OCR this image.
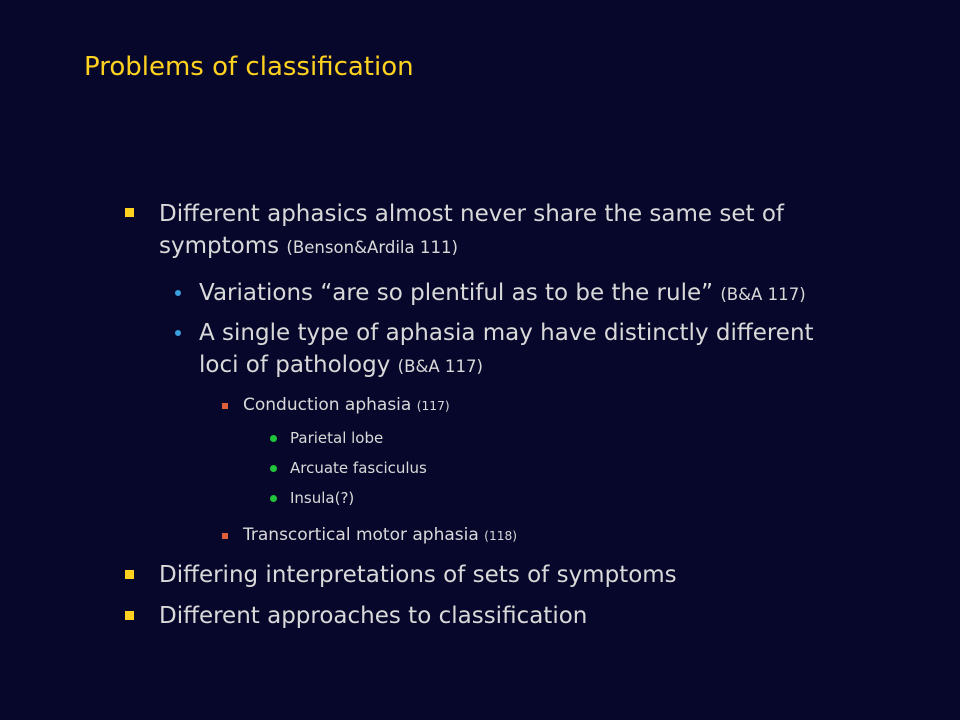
Problems of classification
Different aphasics almost never share the same set of
symptoms (Benson&Ardila 111)
Variations “are so plentiful as to be the rule” (B&A 117)
A single type of aphasia may have distinctly different
loci of pathology (B&A 117)
Conduction aphasia (117)
Parietal lobe
Arcuate fasciculus
Insula(?)
Transcortical motor aphasia (118)
Differing interpretations of sets of symptoms
Different approaches to classification
